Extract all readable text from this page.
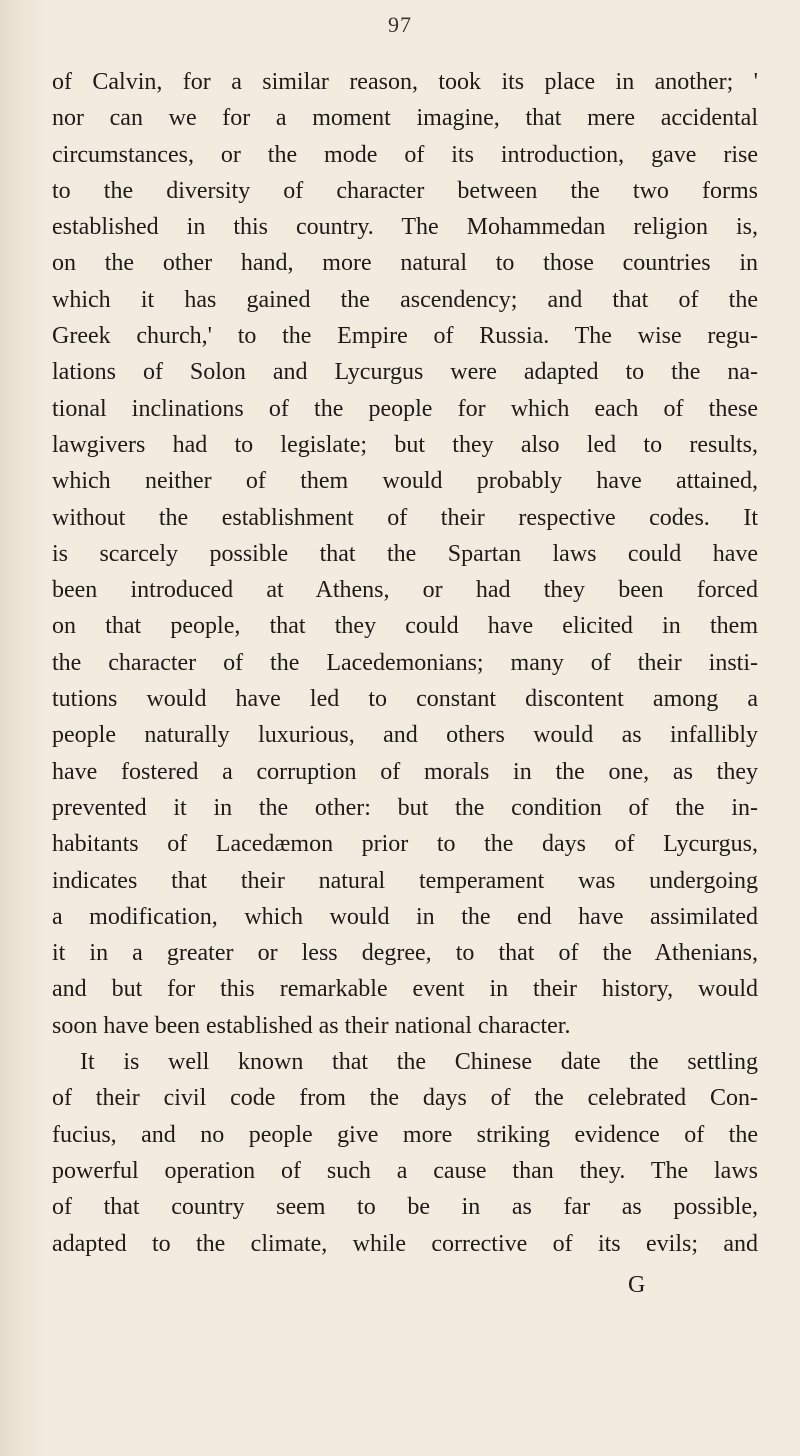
97
of Calvin, for a similar reason, took its place in another; '
nor can we for a moment imagine, that mere accidental
circumstances, or the mode of its introduction, gave rise
to the diversity of character between the two forms
established in this country. The Mohammedan religion is,
on the other hand, more natural to those countries in
which it has gained the ascendency; and that of the
Greek church,' to the Empire of Russia. The wise regu-
lations of Solon and Lycurgus were adapted to the na-
tional inclinations of the people for which each of these
lawgivers had to legislate; but they also led to results,
which neither of them would probably have attained,
without the establishment of their respective codes. It
is scarcely possible that the Spartan laws could have
been introduced at Athens, or had they been forced
on that people, that they could have elicited in them
the character of the Lacedemonians; many of their insti-
tutions would have led to constant discontent among a
people naturally luxurious, and others would as infallibly
have fostered a corruption of morals in the one, as they
prevented it in the other: but the condition of the in-
habitants of Lacedæmon prior to the days of Lycurgus,
indicates that their natural temperament was undergoing
a modification, which would in the end have assimilated
it in a greater or less degree, to that of the Athenians,
and but for this remarkable event in their history, would
soon have been established as their national character.
It is well known that the Chinese date the settling
of their civil code from the days of the celebrated Con-
fucius, and no people give more striking evidence of the
powerful operation of such a cause than they. The laws
of that country seem to be in as far as possible,
adapted to the climate, while corrective of its evils; and
G
